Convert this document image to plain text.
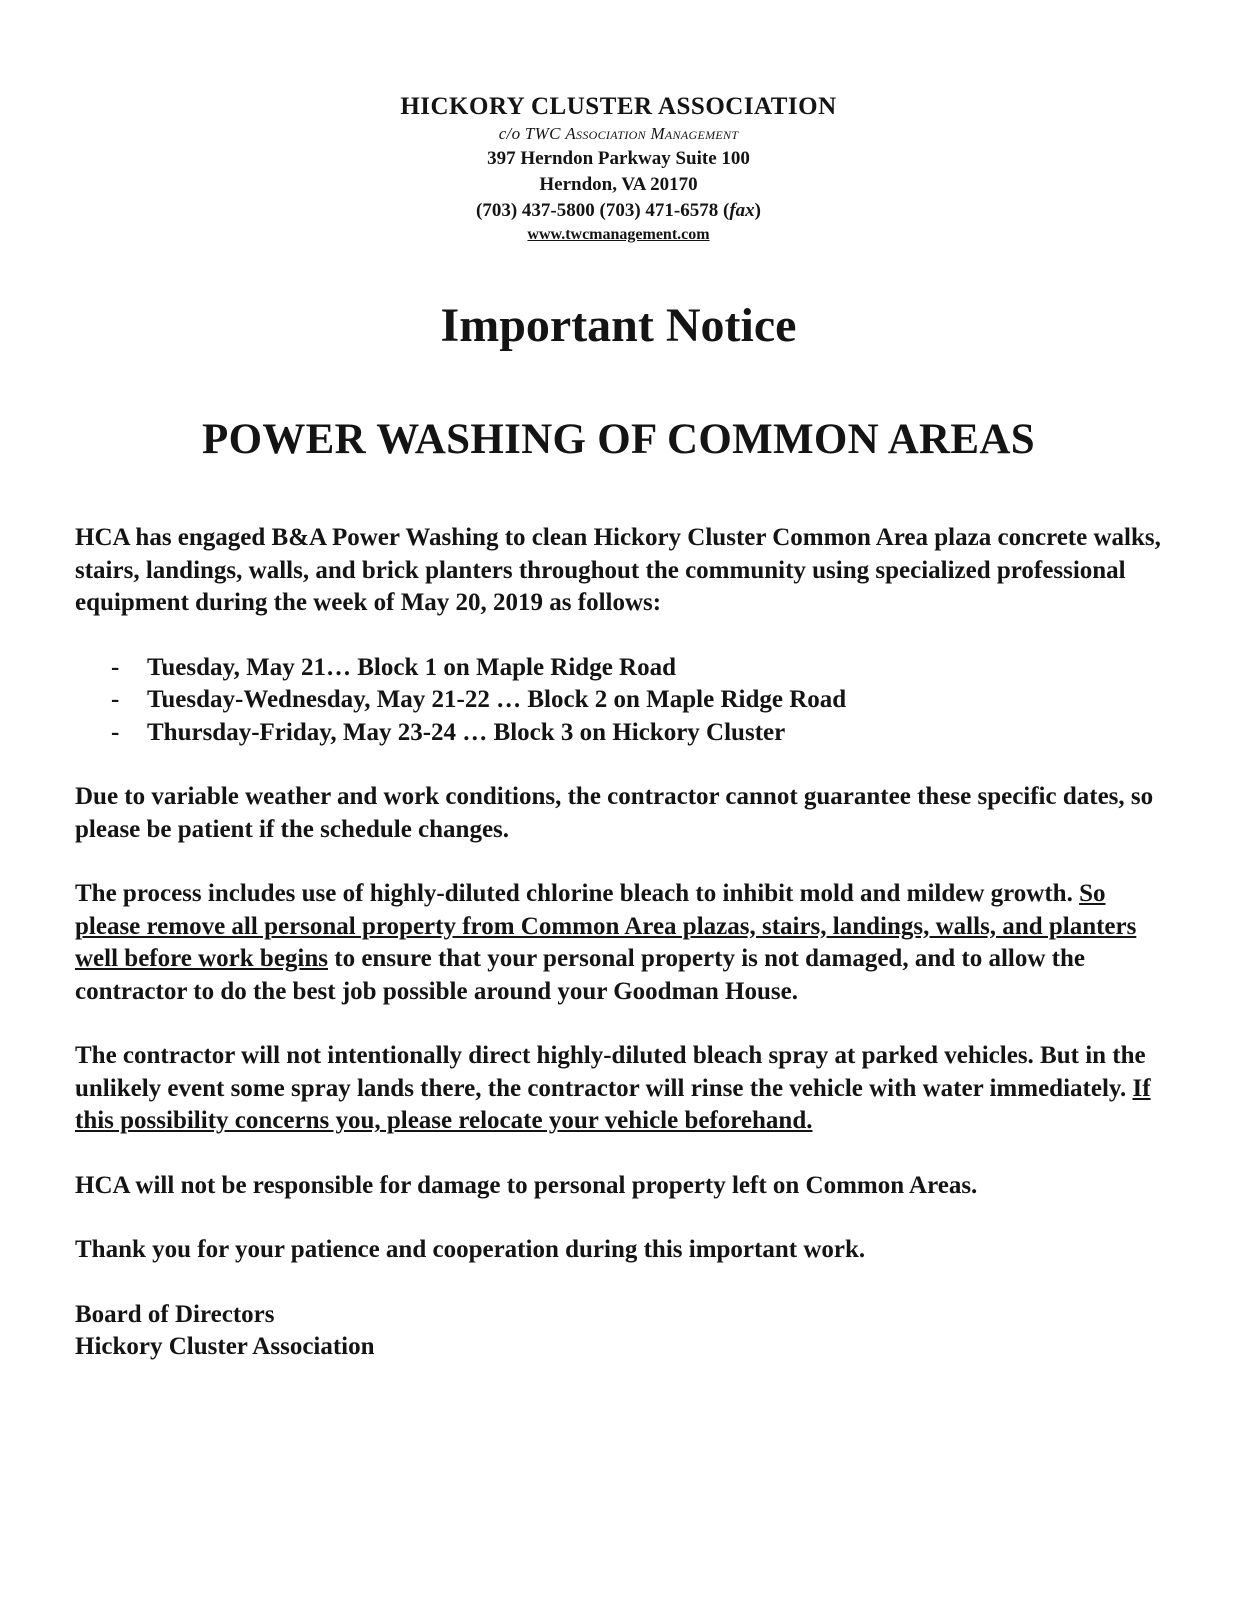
HICKORY CLUSTER ASSOCIATION
c/o TWC Association Management
397 Herndon Parkway Suite 100
Herndon, VA 20170
(703) 437-5800 (703) 471-6578 (fax)
www.twcmanagement.com
Important Notice
POWER WASHING OF COMMON AREAS

HCA has engaged B&A Power Washing to clean Hickory Cluster Common Area plaza concrete walks, stairs, landings, walls, and brick planters throughout the community using specialized professional equipment during the week of May 20, 2019 as follows:

- Tuesday, May 21… Block 1 on Maple Ridge Road
- Tuesday-Wednesday, May 21-22 … Block 2 on Maple Ridge Road
- Thursday-Friday, May 23-24 … Block 3 on Hickory Cluster

Due to variable weather and work conditions, the contractor cannot guarantee these specific dates, so please be patient if the schedule changes.

The process includes use of highly-diluted chlorine bleach to inhibit mold and mildew growth. So please remove all personal property from Common Area plazas, stairs, landings, walls, and planters well before work begins to ensure that your personal property is not damaged, and to allow the contractor to do the best job possible around your Goodman House.

The contractor will not intentionally direct highly-diluted bleach spray at parked vehicles. But in the unlikely event some spray lands there, the contractor will rinse the vehicle with water immediately. If this possibility concerns you, please relocate your vehicle beforehand.

HCA will not be responsible for damage to personal property left on Common Areas.

Thank you for your patience and cooperation during this important work.

Board of Directors
Hickory Cluster Association
